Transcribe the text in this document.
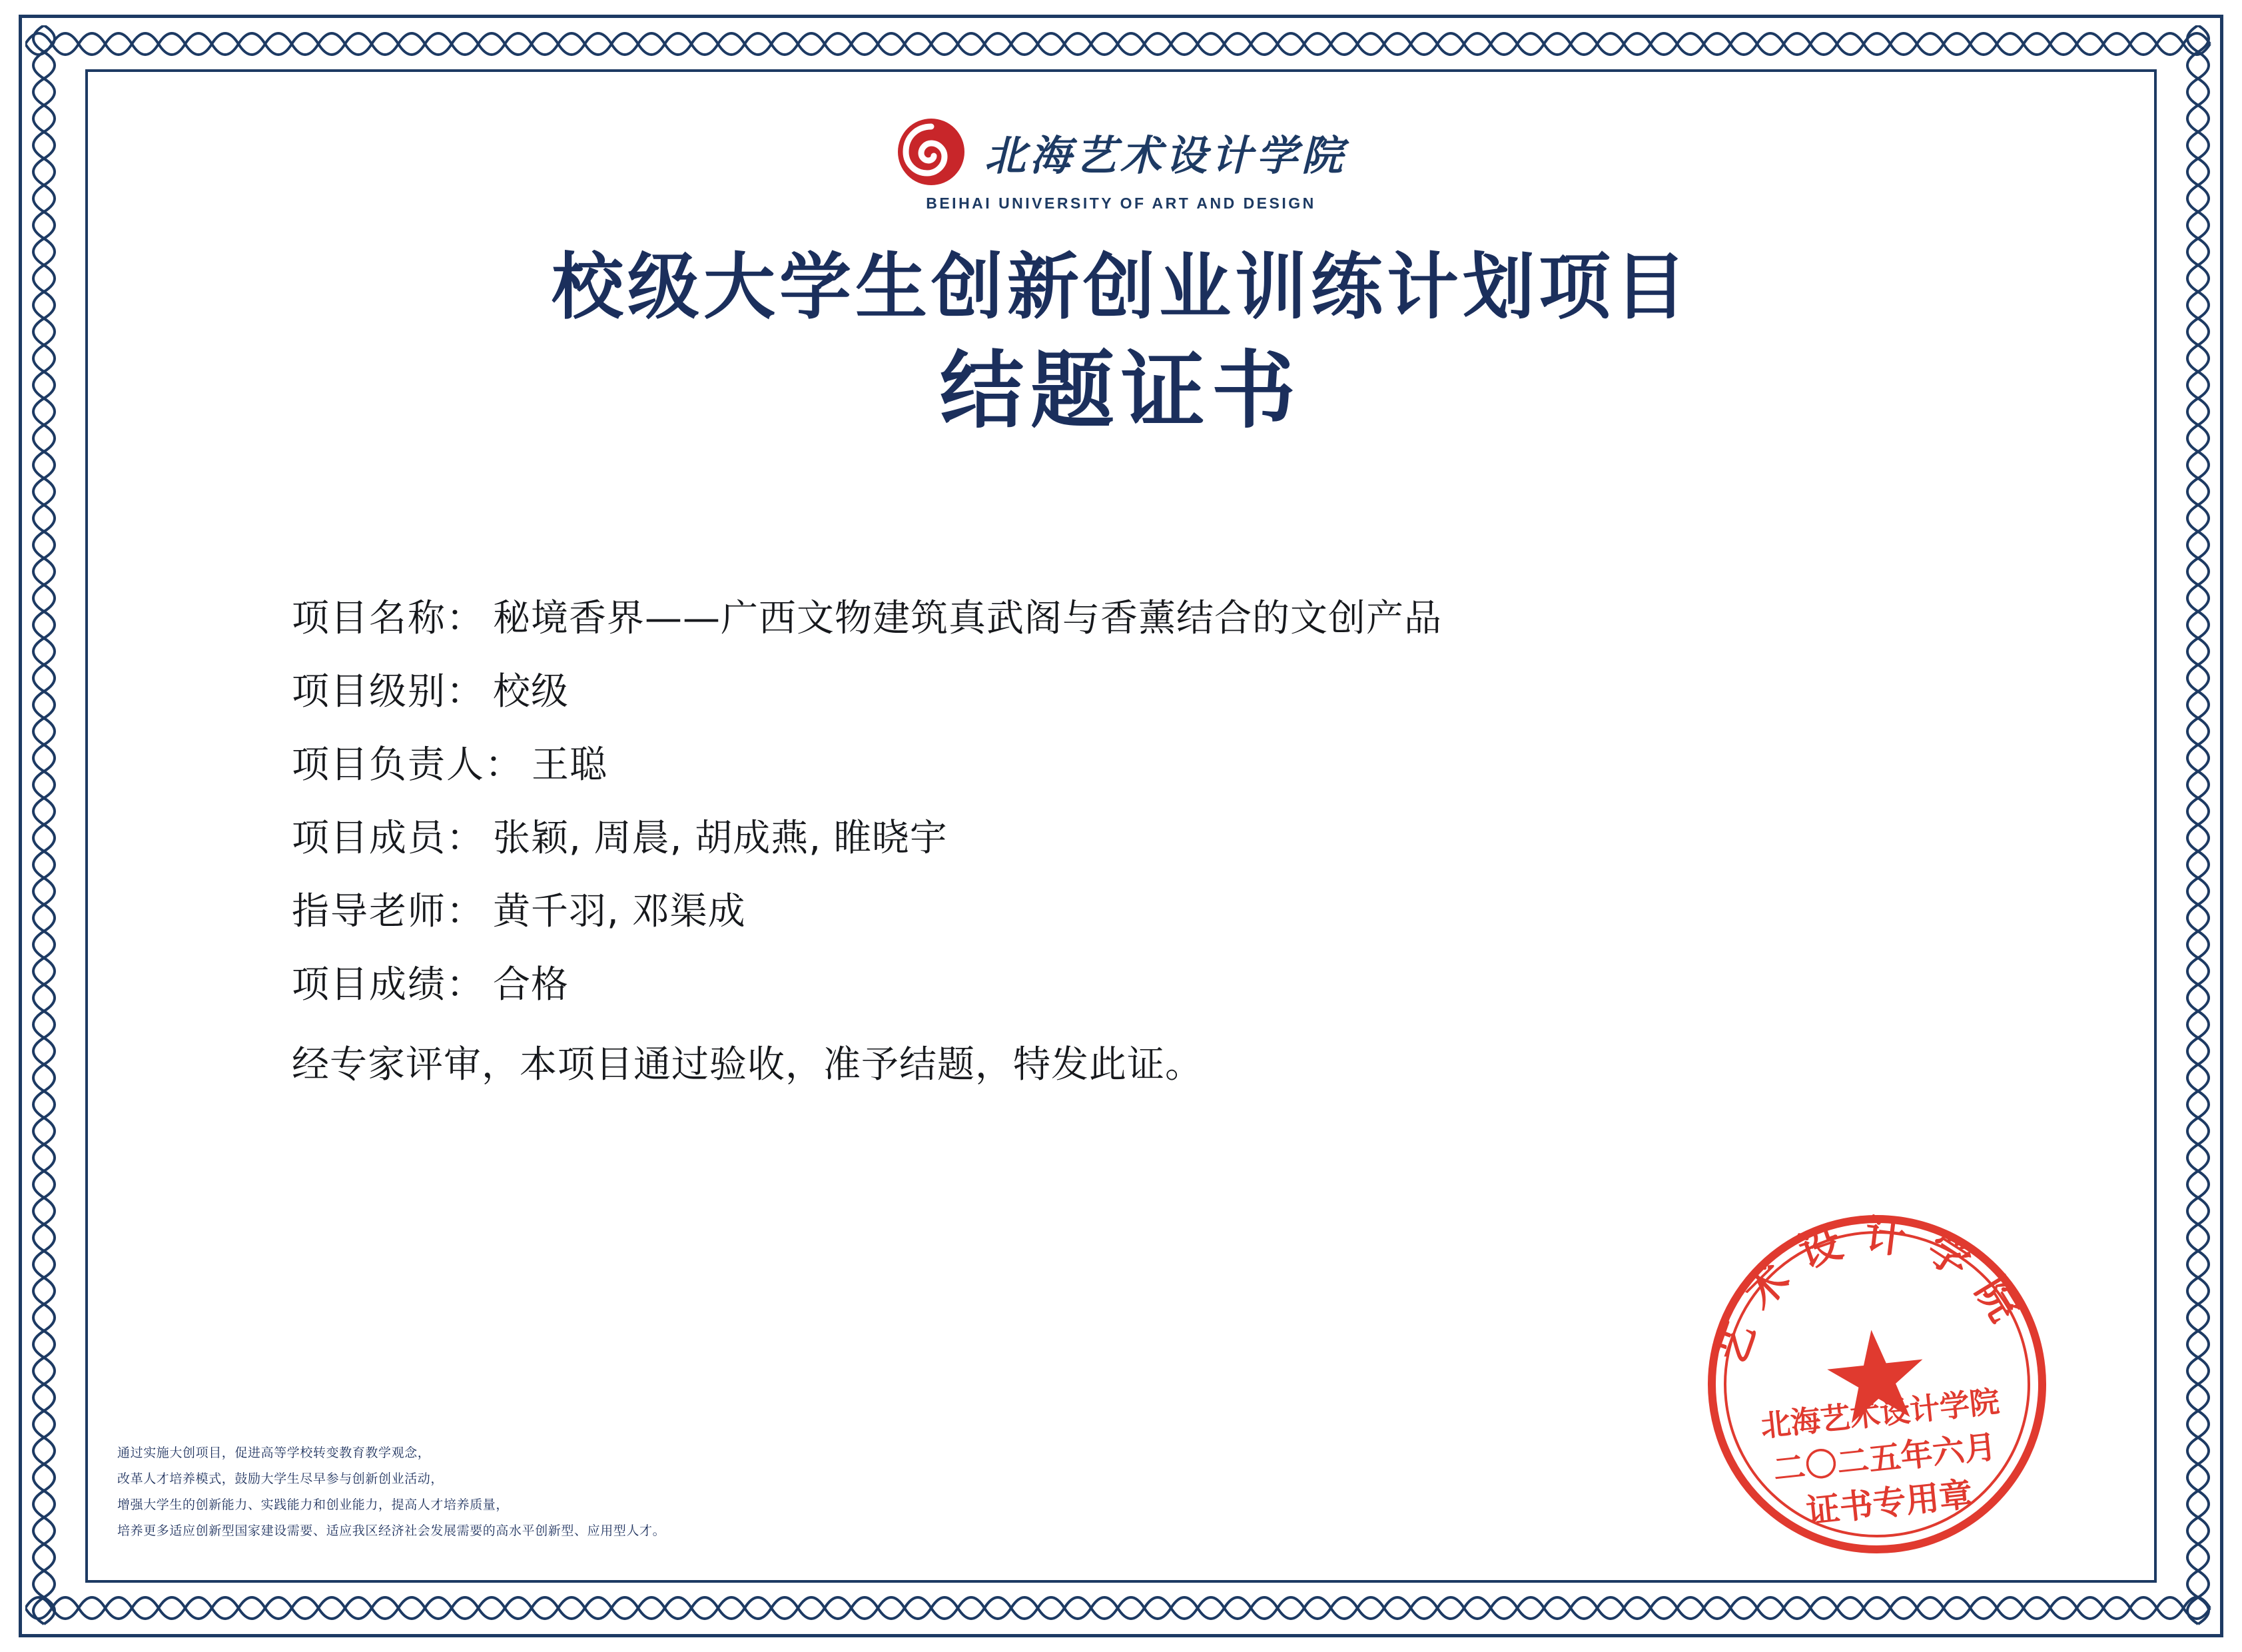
北海艺术设计学院
BEIHAI UNIVERSITY OF ART AND DESIGN
校级大学生创新创业训练计划项目
结题证书
项目名称： 秘境香界——广西文物建筑真武阁与香薰结合的文创产品
项目级别： 校级
项目负责人： 王聪
项目成员： 张颖, 周晨, 胡成燕, 睢晓宇
指导老师： 黄千羽, 邓渠成
项目成绩： 合格
经专家评审，本项目通过验收，准予结题，特发此证。
通过实施大创项目，促进高等学校转变教育教学观念，
改革人才培养模式，鼓励大学生尽早参与创新创业活动，
增强大学生的创新能力、实践能力和创业能力，提高人才培养质量，
培养更多适应创新型国家建设需要、适应我区经济社会发展需要的高水平创新型、应用型人才。
艺术设计学院
北海艺术设计学院
二〇二五年六月
证书专用章
